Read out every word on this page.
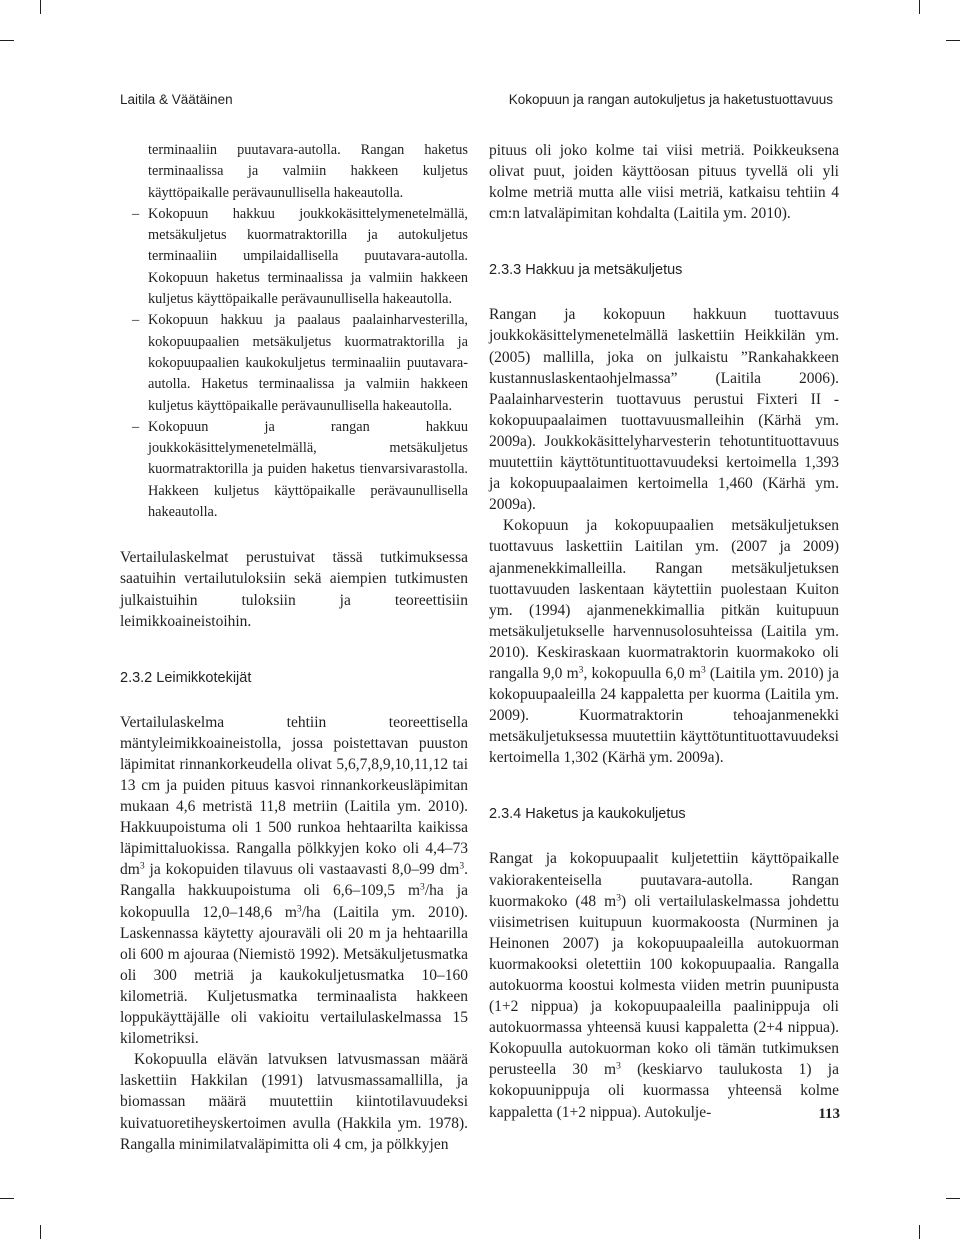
Laitila & Väätäinen	Kokopuun ja rangan autokuljetus ja haketustuottavuus

terminaaliin puutavara-autolla. Rangan haketus terminaalissa ja valmiin hakkeen kuljetus käyttöpaikalle perävaunullisella hakeautolla.

– Kokopuun hakkuu joukkokäsittelymenetelmällä, metsäkuljetus kuormatraktorilla ja autokuljetus terminaaliin umpilaidallisella puutavara-autolla. Kokopuun haketus terminaalissa ja valmiin hakkeen kuljetus käyttöpaikalle perävaunullisella hakeautolla.

– Kokopuun hakkuu ja paalaus paalainharvesterilla, kokopuupaalien metsäkuljetus kuormatraktorilla ja kokopuupaalien kaukokuljetus terminaaliin puutavara-autolla. Haketus terminaalissa ja valmiin hakkeen kuljetus käyttöpaikalle perävaunullisella hakeautolla.

– Kokopuun ja rangan hakkuu joukkokäsittelymenetelmällä, metsäkuljetus kuormatraktorilla ja puiden haketus tienvarsivarastolla. Hakkeen kuljetus käyttöpaikalle perävaunullisella hakeautolla.

Vertailulaskelmat perustuivat tässä tutkimuksessa saatuihin vertailutuloksiin sekä aiempien tutkimusten julkaistuihin tuloksiin ja teoreettisiin leimikkoaineistoihin.

2.3.2 Leimikkotekijät

Vertailulaskelma tehtiin teoreettisella mäntyleimikkoaineistolla, jossa poistettavan puuston läpimitat rinnankorkeudella olivat 5,6,7,8,9,10,11,12 tai 13 cm ja puiden pituus kasvoi rinnankorkeusläpimitan mukaan 4,6 metristä 11,8 metriin (Laitila ym. 2010). Hakkuupoistuma oli 1 500 runkoa hehtaarilta kaikissa läpimittaluokissa. Rangalla pölkkyjen koko oli 4,4–73 $dm^3$ ja kokopuiden tilavuus oli vastaavasti 8,0–99 $dm^3$. Rangalla hakkuupoistuma oli 6,6–109,5 $m^3/ha$ ja kokopuulla 12,0–148,6 $m^3/ha$ (Laitila ym. 2010). Laskennassa käytetty ajouraväli oli 20 m ja hehtaarilla oli 600 m ajouraa (Niemistö 1992). Metsäkuljetusmatka oli 300 metriä ja kaukokuljetusmatka 10–160 kilometriä. Kuljetusmatka terminaalista hakkeen loppukäyttäjälle oli vakioitu vertailulaskelmassa 15 kilometriksi.

Kokopuulla elävän latvuksen latvusmassan määrä laskettiin Hakkilan (1991) latvusmassamallilla, ja biomassan määrä muutettiin kiintotilavuudeksi kuivatuoretiheyskertoimen avulla (Hakkila ym. 1978). Rangalla minimilatvaläpimitta oli 4 cm, ja pölkkyjen

pituus oli joko kolme tai viisi metriä. Poikkeuksena olivat puut, joiden käyttöosan pituus tyvellä oli yli kolme metriä mutta alle viisi metriä, katkaisu tehtiin 4 cm:n latvaläpimitan kohdalta (Laitila ym. 2010).

2.3.3 Hakkuu ja metsäkuljetus

Rangan ja kokopuun hakkuun tuottavuus joukkokäsittelymenetelmällä laskettiin Heikkilän ym. (2005) mallilla, joka on julkaistu ”Rankahakkeen kustannuslaskentaohjelmassa” (Laitila 2006). Paalainharvesterin tuottavuus perustui Fixteri II -kokopuupaalaimen tuottavuusmalleihin (Kärhä ym. 2009a). Joukkokäsittelyharvesterin tehotuntituottavuus muutettiin käyttötuntituottavuudeksi kertoimella 1,393 ja kokopuupaalaimen kertoimella 1,460 (Kärhä ym. 2009a).

Kokopuun ja kokopuupaalien metsäkuljetuksen tuottavuus laskettiin Laitilan ym. (2007 ja 2009) ajanmenekkimalleilla. Rangan metsäkuljetuksen tuottavuuden laskentaan käytettiin puolestaan Kuiton ym. (1994) ajanmenekkimallia pitkän kuitupuun metsäkuljetukselle harvennusolosuhteissa (Laitila ym. 2010). Keskiraskaan kuormatraktorin kuormakoko oli rangalla 9,0 $m^3$, kokopuulla 6,0 $m^3$ (Laitila ym. 2010) ja kokopuupaaleilla 24 kappaletta per kuorma (Laitila ym. 2009). Kuormatraktorin tehoajanmenekki metsäkuljetuksessa muutettiin käyttötuntituottavuudeksi kertoimella 1,302 (Kärhä ym. 2009a).

2.3.4 Haketus ja kaukokuljetus

Rangat ja kokopuupaalit kuljetettiin käyttöpaikalle vakiorakenteisella puutavara-autolla. Rangan kuormakoko (48 $m^3$) oli vertailulaskelmassa johdettu viisimetrisen kuitupuun kuormakoosta (Nurminen ja Heinonen 2007) ja kokopuupaaleilla autokuorman kuormakooksi oletettiin 100 kokopuupaalia. Rangalla autokuorma koostui kolmesta viiden metrin puunipusta (1+2 nippua) ja kokopuupaaleilla paalinippuja oli autokuormassa yhteensä kuusi kappaletta (2+4 nippua). Kokopuulla autokuorman koko oli tämän tutkimuksen perusteella 30 $m^3$ (keskiarvo taulukosta 1) ja kokopuunippuja oli kuormassa yhteensä kolme kappaletta (1+2 nippua). Autokulje-	113
